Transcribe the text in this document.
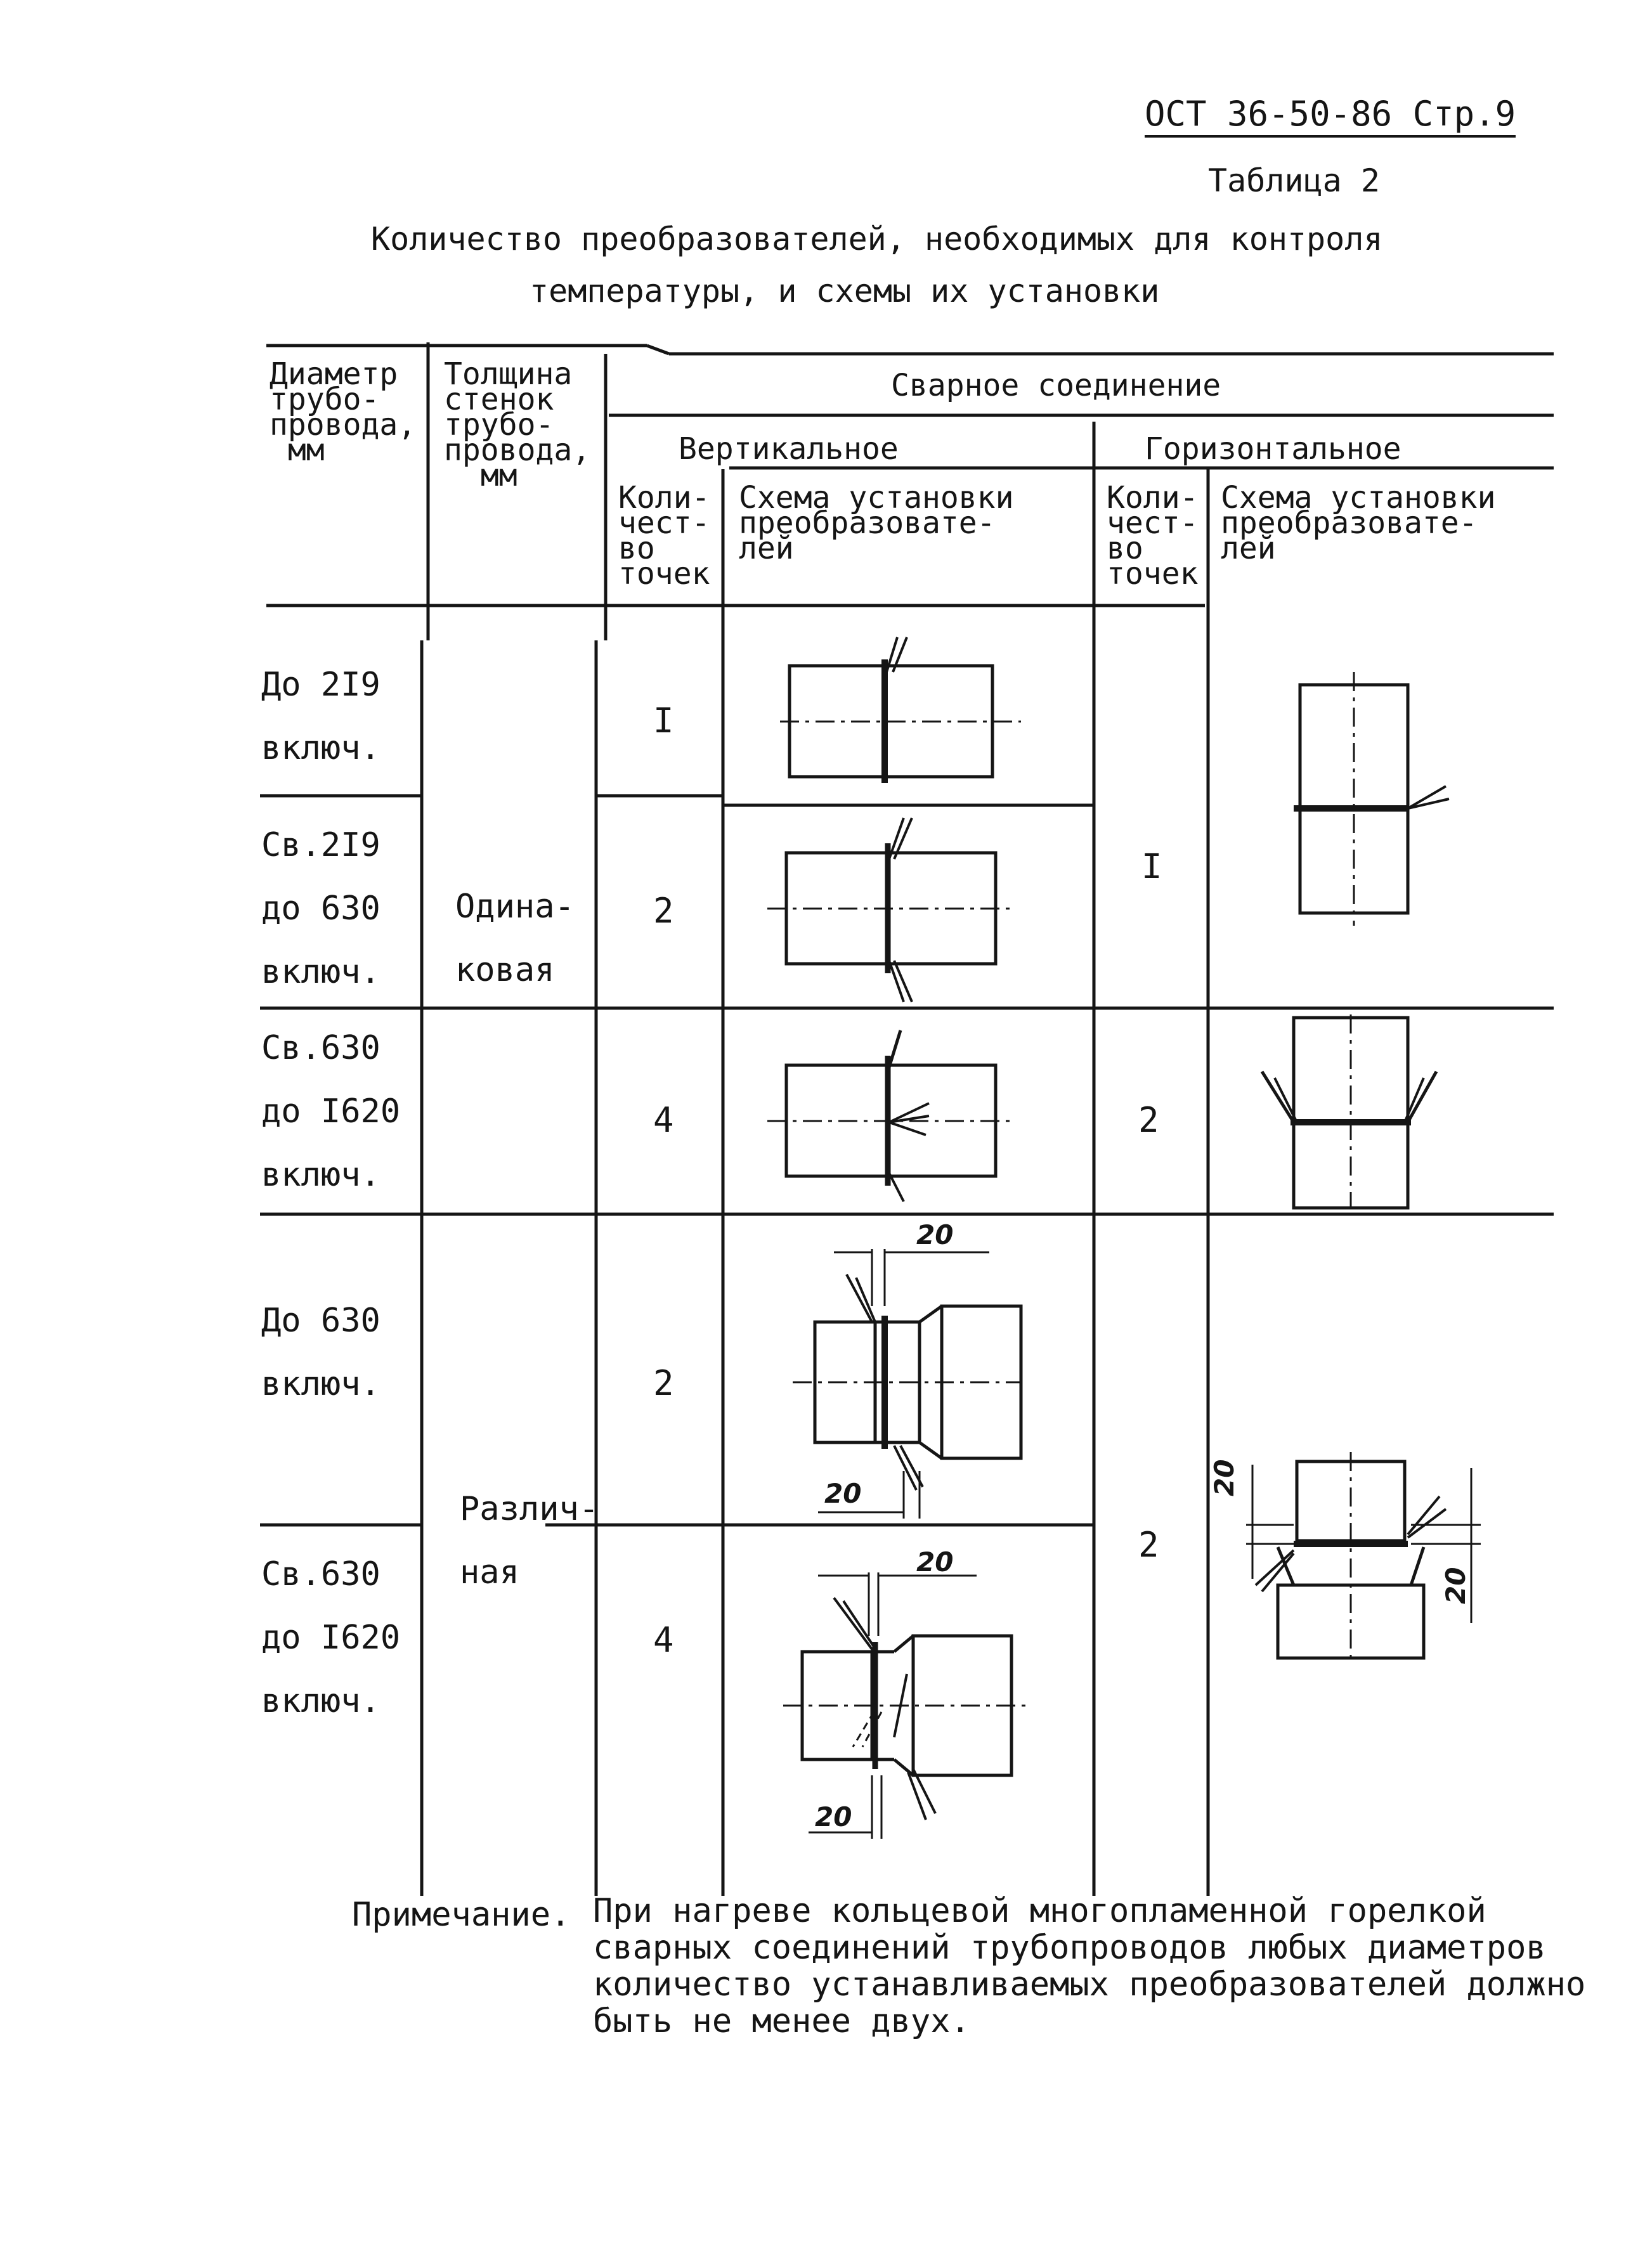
ОСТ 36-50-86 Стр.9
Таблица 2
Количество преобразователей, необходимых для контроля
температуры, и схемы их установки
20
20
20
20
20
20
Диаметр
трубо-
провода,
мм
Толщина
стенок
трубо-
провода,
мм
Сварное соединение
Вертикальное	Горизонтальное
Коли-
чест-
во
точек
Схема установки
преобразовате-
лей
Коли-
чест-
во
точек
Схема установки
преобразовате-
лей
До 2I9
включ.
Св.2I9
до 630
включ.
Св.630
до I620
включ.
До 630
включ.
Св.630
до I620
включ.
Одина-
ковая
Различ-
ная
I
2
4
2
4
I
2
2
Примечание. При нагреве кольцевой многопламенной горелкой
сварных соединений трубопроводов любых диаметров
количество устанавливаемых преобразователей должно
быть не менее двух.
